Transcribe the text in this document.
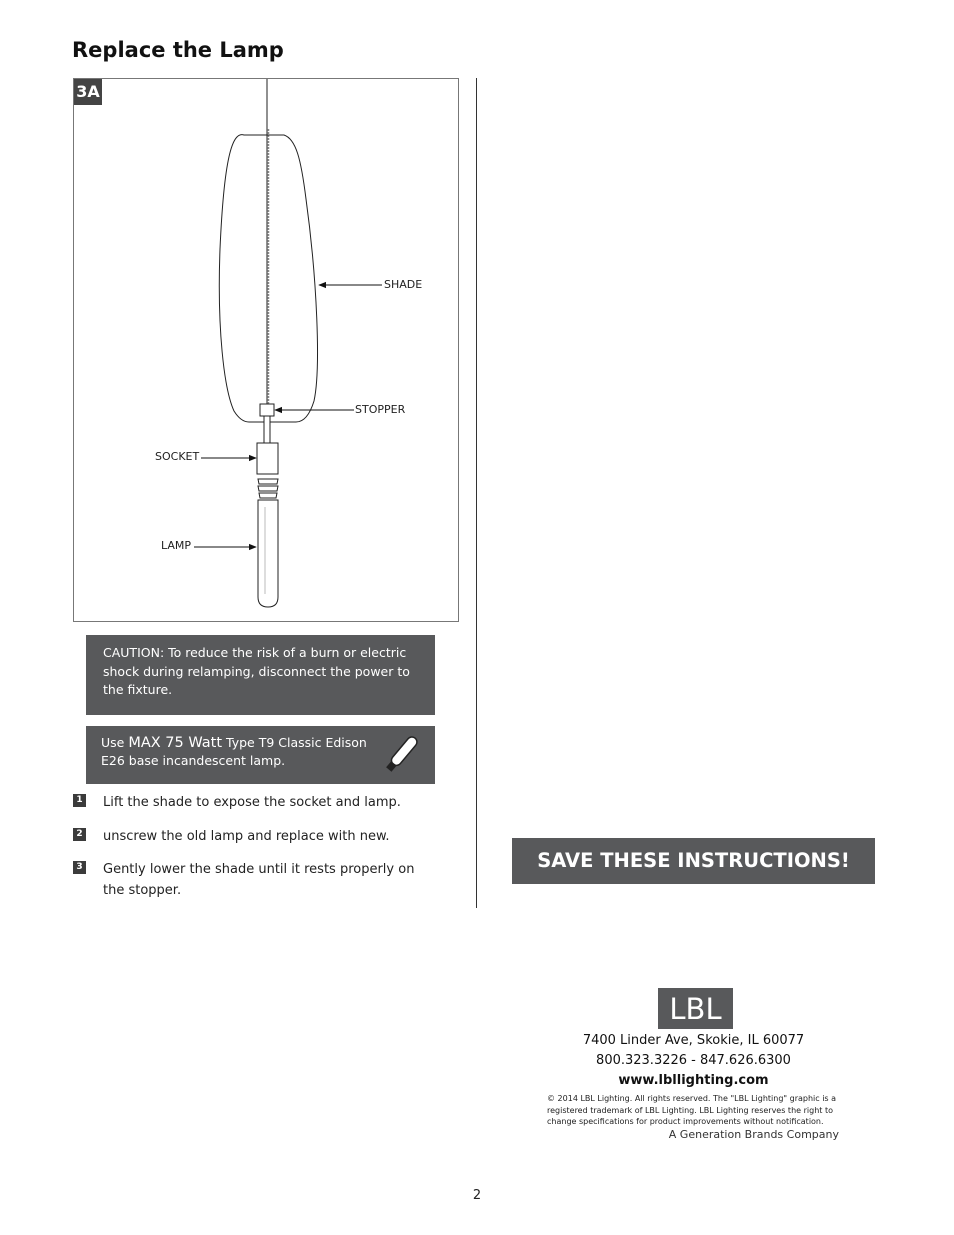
Replace the Lamp
3A
SHADE
STOPPER
SOCKET
LAMP
CAUTION: To reduce the risk of a burn or electric shock during relamping, disconnect the power to the fixture.
Use MAX 75 Watt Type T9 Classic Edison E26 base incandescent lamp.
1 Lift the shade to expose the socket and lamp.
2 unscrew the old lamp and replace with new.
3 Gently lower the shade until it rests properly on the stopper.
SAVE THESE INSTRUCTIONS!
LBL
7400 Linder Ave, Skokie, IL 60077
800.323.3226 - 847.626.6300
www.lbllighting.com
© 2014 LBL Lighting. All rights reserved. The "LBL Lighting" graphic is a registered trademark of LBL Lighting. LBL Lighting reserves the right to change specifications for product improvements without notification.
A Generation Brands Company
2
